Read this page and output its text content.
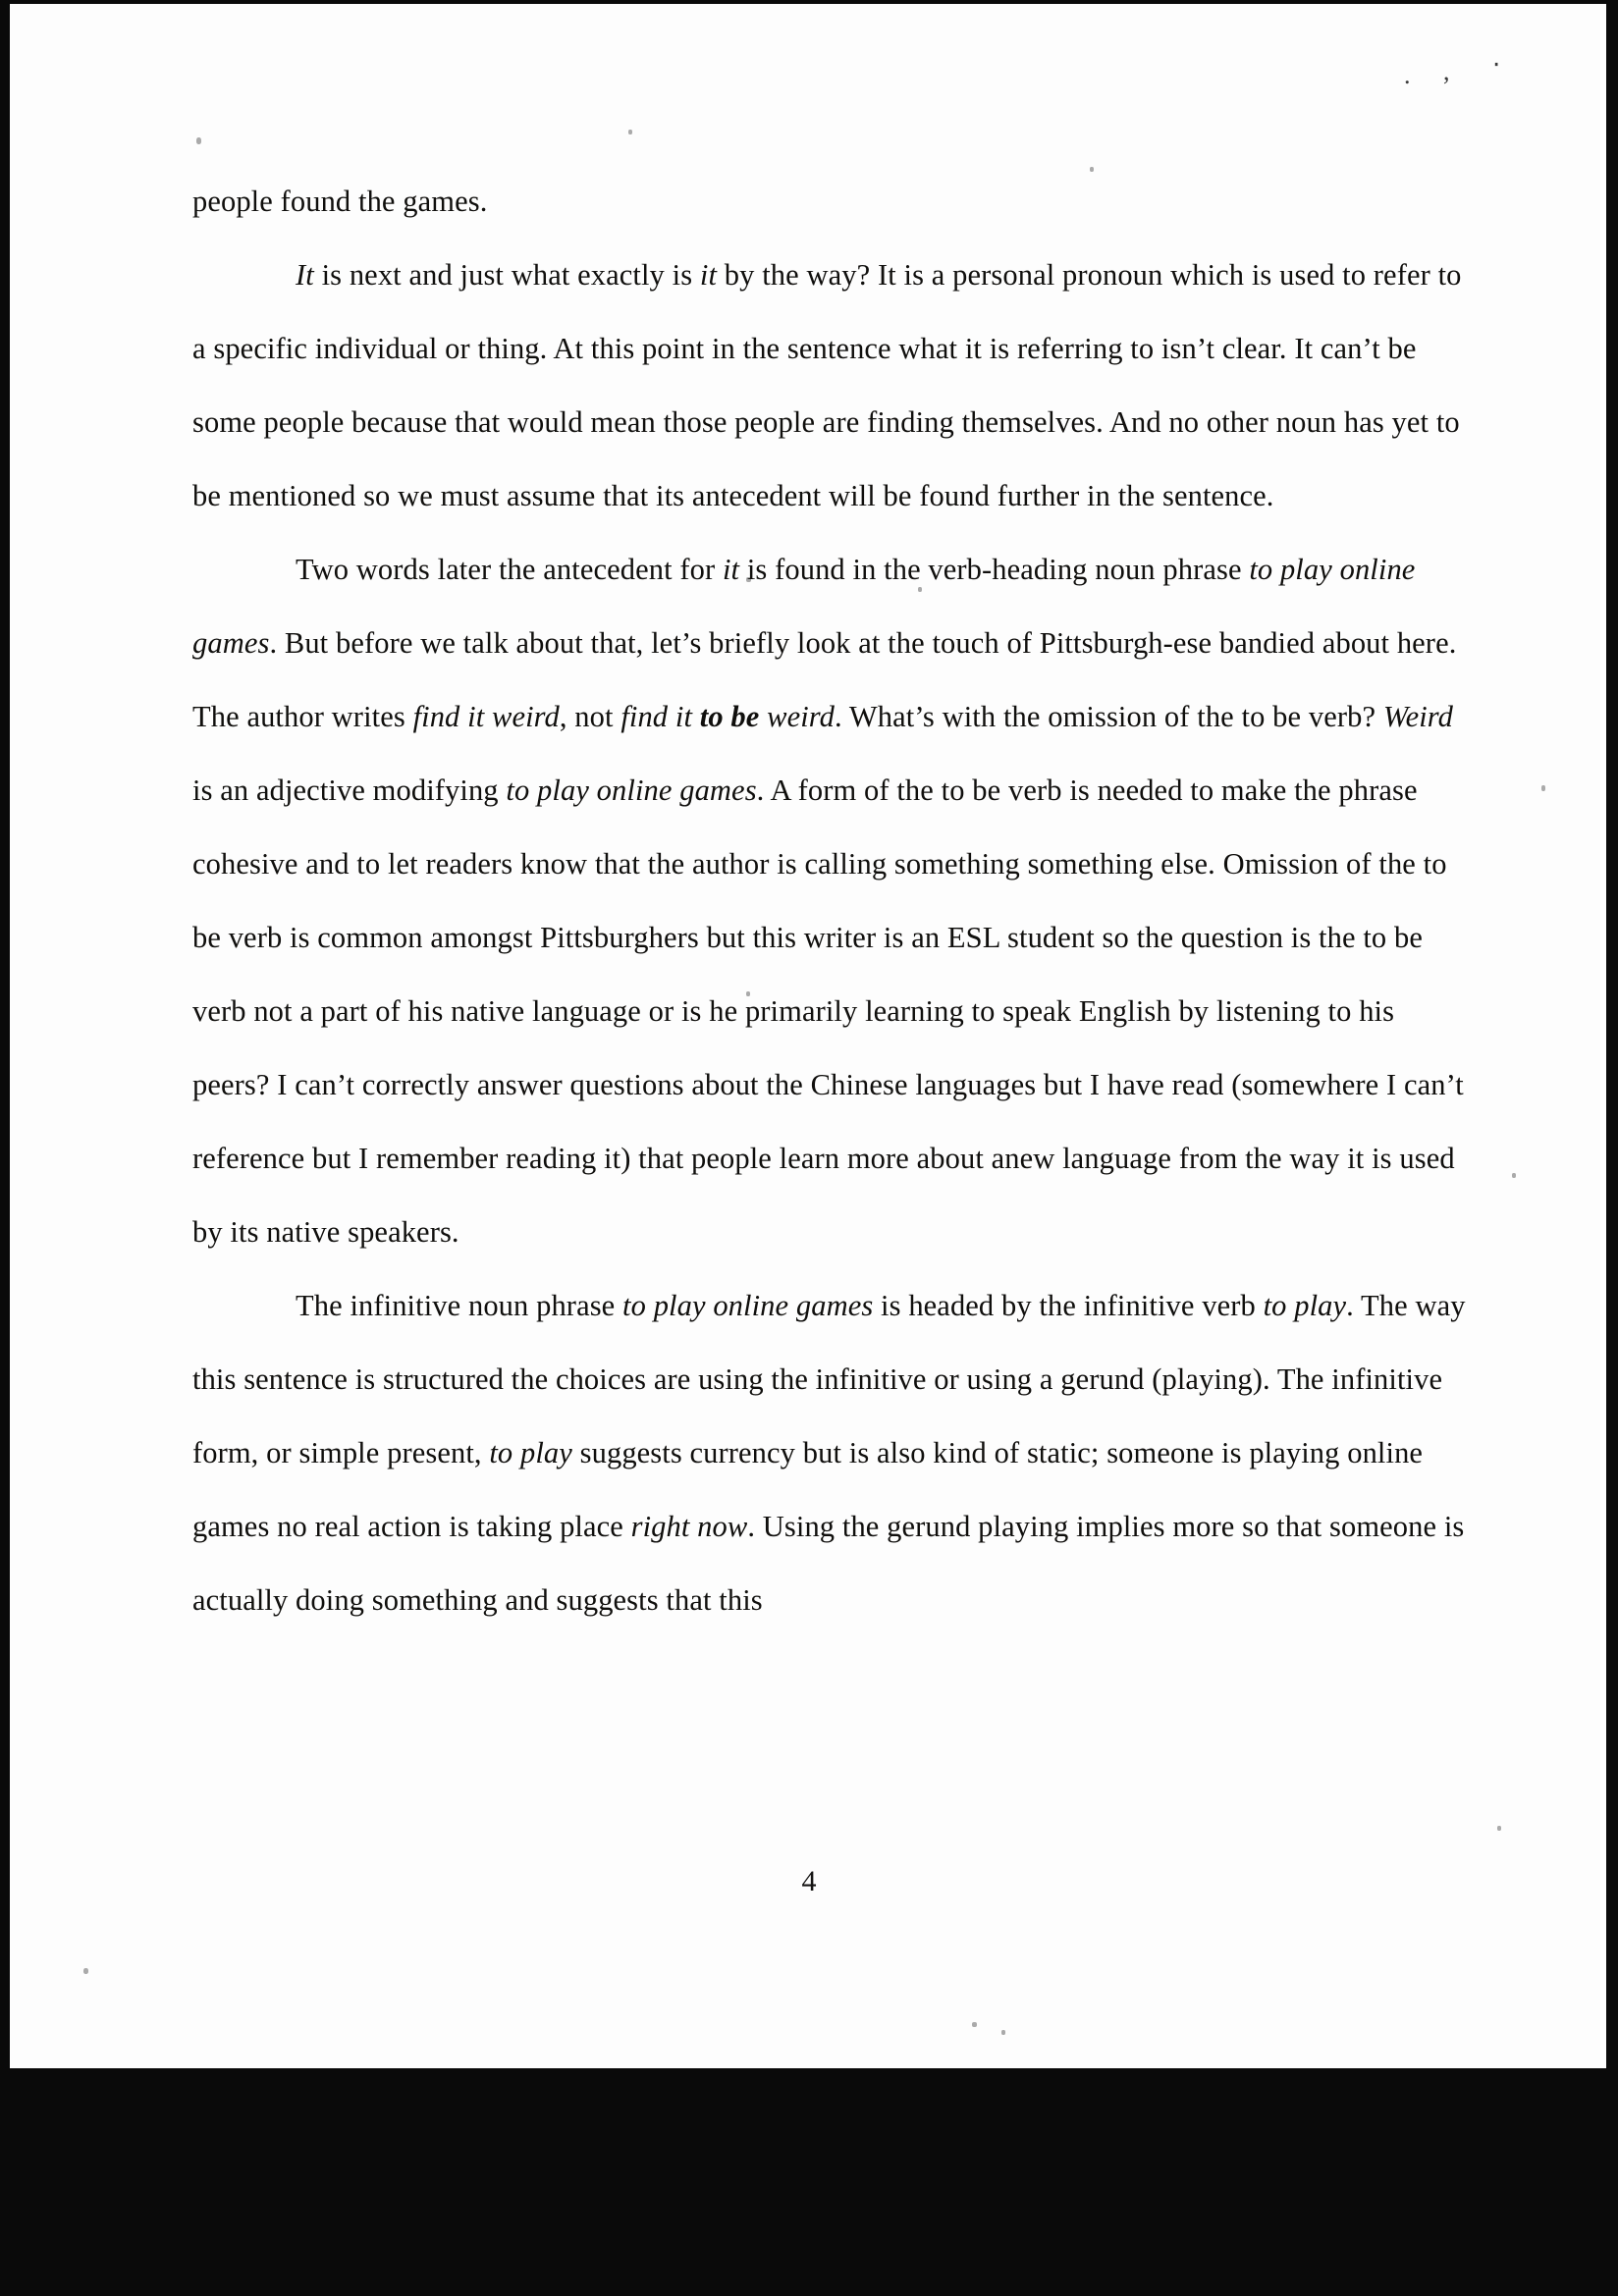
. , ‧

people found the games.

It is next and just what exactly is it by the way? It is a personal pronoun which is used to refer to a specific individual or thing. At this point in the sentence what it is referring to isn’t clear. It can’t be some people because that would mean those people are finding themselves. And no other noun has yet to be mentioned so we must assume that its antecedent will be found further in the sentence.

Two words later the antecedent for it is found in the verb-heading noun phrase to play online games. But before we talk about that, let’s briefly look at the touch of Pittsburgh-ese bandied about here. The author writes find it weird, not find it to be weird. What’s with the omission of the to be verb? Weird is an adjective modifying to play online games. A form of the to be verb is needed to make the phrase cohesive and to let readers know that the author is calling something something else. Omission of the to be verb is common amongst Pittsburghers but this writer is an ESL student so the question is the to be verb not a part of his native language or is he primarily learning to speak English by listening to his peers? I can’t correctly answer questions about the Chinese languages but I have read (somewhere I can’t reference but I remember reading it) that people learn more about anew language from the way it is used by its native speakers.

The infinitive noun phrase to play online games is headed by the infinitive verb to play. The way this sentence is structured the choices are using the infinitive or using a gerund (playing). The infinitive form, or simple present, to play suggests currency but is also kind of static; someone is playing online games no real action is taking place right now. Using the gerund playing implies more so that someone is actually doing something and suggests that this

4
